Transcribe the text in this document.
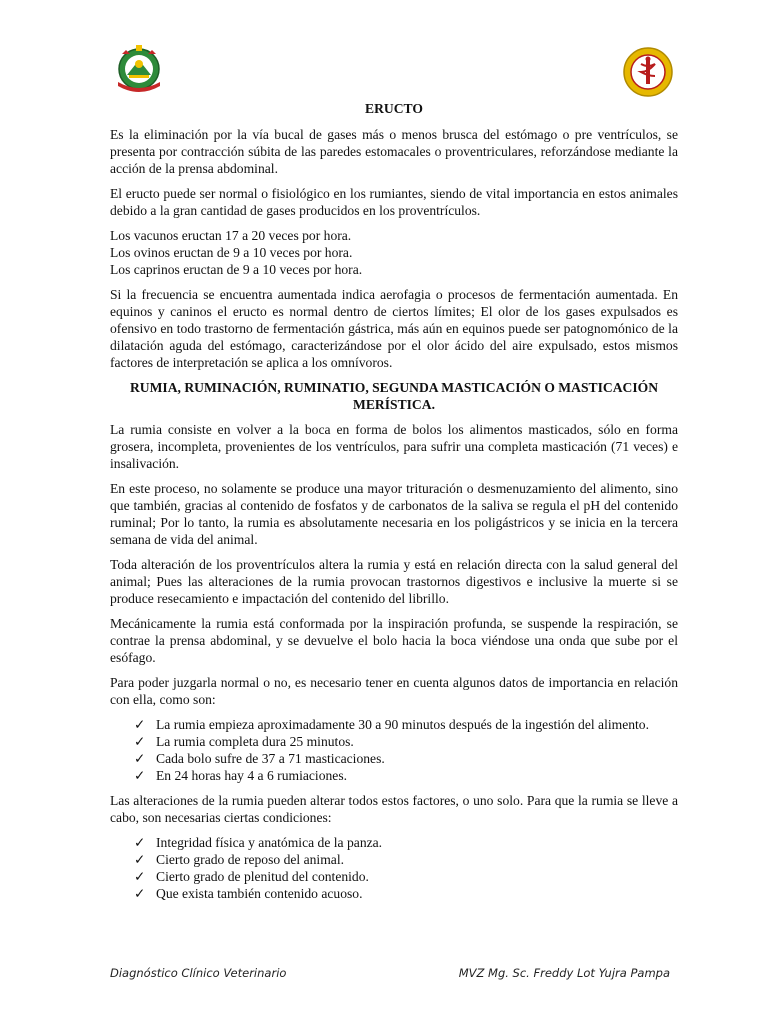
ERUCTO

Es la eliminación por la vía bucal de gases más o menos brusca del estómago o pre ventrículos, se presenta por contracción súbita de las paredes estomacales o proventriculares, reforzándose mediante la acción de la prensa abdominal.

El eructo puede ser normal o fisiológico en los rumiantes, siendo de vital importancia en estos animales debido a la gran cantidad de gases producidos en los proventrículos.

Los vacunos eructan 17 a 20 veces por hora.

Los ovinos eructan de 9 a 10 veces por hora.

Los caprinos eructan de 9 a 10 veces por hora.

Si la frecuencia se encuentra aumentada indica aerofagia o procesos de fermentación aumentada. En equinos y caninos el eructo es normal dentro de ciertos límites; El olor de los gases expulsados es ofensivo en todo trastorno de fermentación gástrica, más aún en equinos puede ser patognomónico de la dilatación aguda del estómago, caracterizándose por el olor ácido del aire expulsado, estos mismos factores de interpretación se aplica a los omnívoros.

RUMIA, RUMINACIÓN, RUMINATIO, SEGUNDA MASTICACIÓN O MASTICACIÓN MERÍSTICA.

La rumia consiste en volver a la boca en forma de bolos los alimentos masticados, sólo en forma grosera, incompleta, provenientes de los ventrículos, para sufrir una completa masticación (71 veces) e insalivación.

En este proceso, no solamente se produce una mayor trituración o desmenuzamiento del alimento, sino que también, gracias al contenido de fosfatos y de carbonatos de la saliva se regula el pH del contenido ruminal; Por lo tanto, la rumia es absolutamente necesaria en los poligástricos y se inicia en la tercera semana de vida del animal.

Toda alteración de los proventrículos altera la rumia y está en relación directa con la salud general del animal; Pues las alteraciones de la rumia provocan trastornos digestivos e inclusive la muerte si se produce resecamiento e impactación del contenido del librillo.

Mecánicamente la rumia está conformada por la inspiración profunda, se suspende la respiración, se contrae la prensa abdominal, y se devuelve el bolo hacia la boca viéndose una onda que sube por el esófago.

Para poder juzgarla normal o no, es necesario tener en cuenta algunos datos de importancia en relación con ella, como son:

✓ La rumia empieza aproximadamente 30 a 90 minutos después de la ingestión del alimento.
✓ La rumia completa dura 25 minutos.
✓ Cada bolo sufre de 37 a 71 masticaciones.
✓ En 24 horas hay 4 a 6 rumiaciones.

Las alteraciones de la rumia pueden alterar todos estos factores, o uno solo. Para que la rumia se lleve a cabo, son necesarias ciertas condiciones:

✓ Integridad física y anatómica de la panza.
✓ Cierto grado de reposo del animal.
✓ Cierto grado de plenitud del contenido.
✓ Que exista también contenido acuoso.
Diagnóstico Clínico Veterinario	MVZ Mg. Sc. Freddy Lot Yujra Pampa
